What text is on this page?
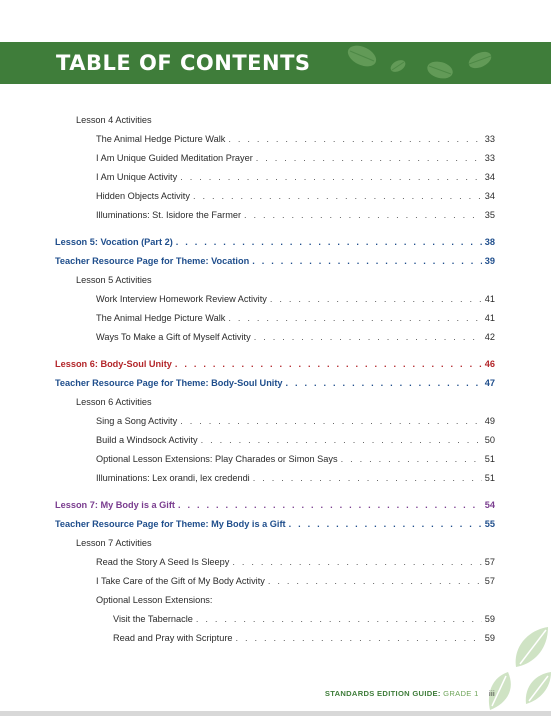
TABLE OF CONTENTS
Lesson 4 Activities
The Animal Hedge Picture Walk . . .	33
I Am Unique Guided Meditation Prayer . . .	33
I Am Unique Activity . . .	34
Hidden Objects Activity . . .	34
Illuminations: St. Isidore the Farmer . . .	35
Lesson 5: Vocation (Part 2) . . .	38
Teacher Resource Page for Theme: Vocation . . .	39
Lesson 5 Activities
Work Interview Homework Review Activity . . .	41
The Animal Hedge Picture Walk . . .	41
Ways To Make a Gift of Myself Activity . . .	42
Lesson 6: Body-Soul Unity . . .	46
Teacher Resource Page for Theme: Body-Soul Unity . . .	47
Lesson 6 Activities
Sing a Song Activity . . .	49
Build a Windsock Activity . . .	50
Optional Lesson Extensions: Play Charades or Simon Says . . .	51
Illuminations: Lex orandi, lex credendi . . .	51
Lesson 7: My Body is a Gift . . .	54
Teacher Resource Page for Theme: My Body is a Gift . . .	55
Lesson 7 Activities
Read the Story A Seed Is Sleepy . . .	57
I Take Care of the Gift of My Body Activity . . .	57
Optional Lesson Extensions:
Visit the Tabernacle . . .	59
Read and Pray with Scripture . . .	59
STANDARDS EDITION GUIDE: GRADE 1 iii
